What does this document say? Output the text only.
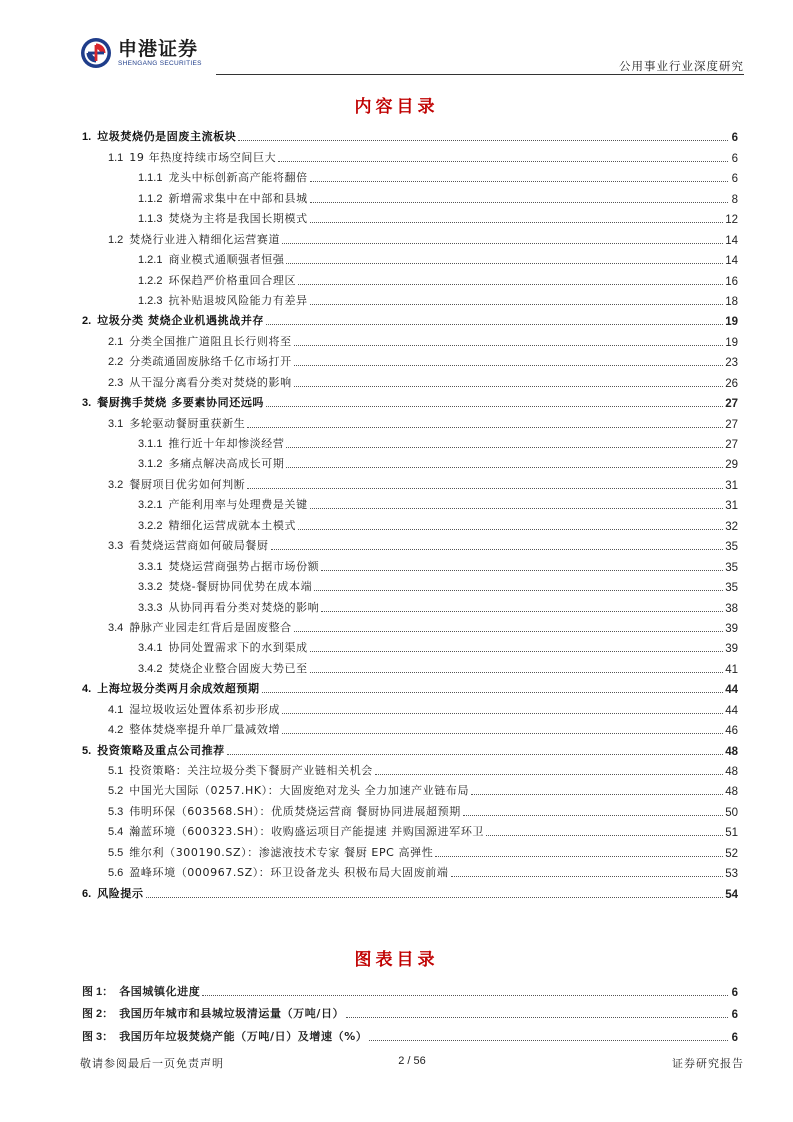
申港证券
SHENGANG SECURITIES	公用事业行业深度研究
内容目录
1. 垃圾焚烧仍是固废主流板块	6
1.1 19 年热度持续市场空间巨大	6
1.1.1 龙头中标创新高产能将翻倍	6
1.1.2 新增需求集中在中部和县城	8
1.1.3 焚烧为主将是我国长期模式	12
1.2 焚烧行业进入精细化运营赛道	14
1.2.1 商业模式通顺强者恒强	14
1.2.2 环保趋严价格重回合理区	16
1.2.3 抗补贴退坡风险能力有差异	18
2. 垃圾分类 焚烧企业机遇挑战并存	19
2.1 分类全国推广道阻且长行则将至	19
2.2 分类疏通固废脉络千亿市场打开	23
2.3 从干湿分离看分类对焚烧的影响	26
3. 餐厨携手焚烧 多要素协同还远吗	27
3.1 多轮驱动餐厨重获新生	27
3.1.1 推行近十年却惨淡经营	27
3.1.2 多痛点解决高成长可期	29
3.2 餐厨项目优劣如何判断	31
3.2.1 产能利用率与处理费是关键	31
3.2.2 精细化运营成就本土模式	32
3.3 看焚烧运营商如何破局餐厨	35
3.3.1 焚烧运营商强势占据市场份额	35
3.3.2 焚烧-餐厨协同优势在成本端	35
3.3.3 从协同再看分类对焚烧的影响	38
3.4 静脉产业园走红背后是固废整合	39
3.4.1 协同处置需求下的水到渠成	39
3.4.2 焚烧企业整合固废大势已至	41
4. 上海垃圾分类两月余成效超预期	44
4.1 湿垃圾收运处置体系初步形成	44
4.2 整体焚烧率提升单厂量减效增	46
5. 投资策略及重点公司推荐	48
5.1 投资策略：关注垃圾分类下餐厨产业链相关机会	48
5.2 中国光大国际（0257.HK）：大固废绝对龙头 全力加速产业链布局	48
5.3 伟明环保（603568.SH）：优质焚烧运营商 餐厨协同进展超预期	50
5.4 瀚蓝环境（600323.SH）：收购盛运项目产能提速 并购国源进军环卫	51
5.5 维尔利（300190.SZ）：渗滤液技术专家 餐厨 EPC 高弹性	52
5.6 盈峰环境（000967.SZ）：环卫设备龙头 积极布局大固废前端	53
6. 风险提示	54
图表目录
图 1： 各国城镇化进度	6
图 2： 我国历年城市和县城垃圾清运量（万吨/日）	6
图 3： 我国历年垃圾焚烧产能（万吨/日）及增速（%）	6
敬请参阅最后一页免责声明	2 / 56	证券研究报告
